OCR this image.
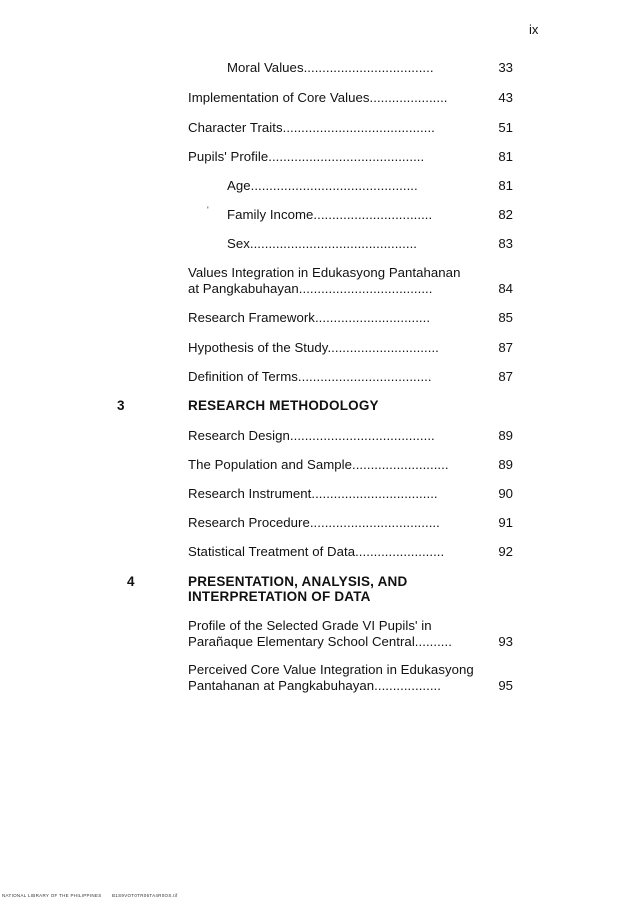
ix
Moral Values...................................	33
Implementation of Core Values.....................	43
Character Traits.........................................	51
Pupils' Profile..........................................	81
Age.............................................	81
' Family Income................................	82
Sex.............................................	83
Values Integration in Edukasyong Pantahanan
at Pangkabuhayan....................................	84
Research Framework...............................	85
Hypothesis of the Study..............................	87
Definition of Terms....................................	87
3	RESEARCH METHODOLOGY
Research Design.......................................	89
The Population and Sample..........................	89
Research Instrument..................................	90
Research Procedure...................................	91
Statistical Treatment of Data........................	92
4	PRESENTATION, ANALYSIS, AND
INTERPRETATION OF DATA
Profile of the Selected Grade VI Pupils' in
Parañaque Elementary School Central..........	93
Perceived Core Value Integration in Edukasyong
Pantahanan at Pangkabuhayan..................	95
NATIONAL LIBRARY OF THE PHILIPPINES B1S9VOT0TR06TA4R0OS.tif
